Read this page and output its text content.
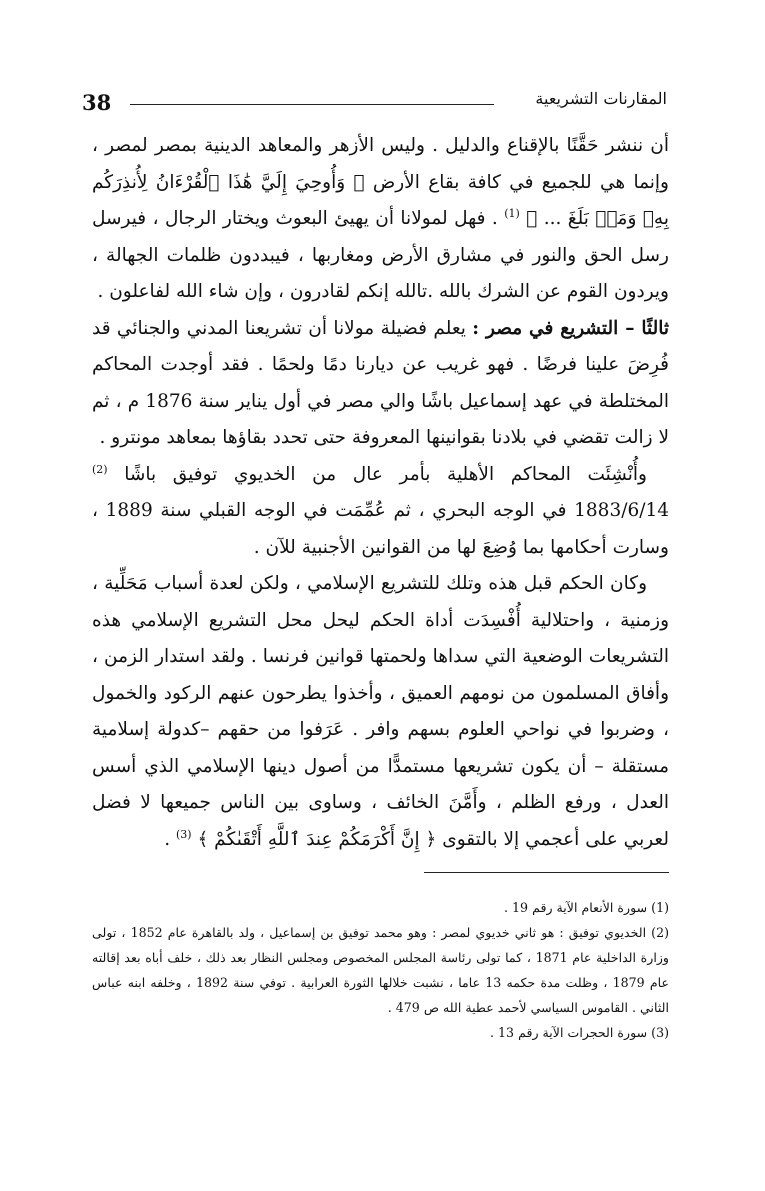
38	المقارنات التشريعية

أن ننشر حَقَّنًا بالإقناع والدليل . وليس الأزهر والمعاهد الدينية بمصر لمصر ، وإنما هي للجميع في كافة بقاع الأرض ﴿ وَأُوحِيَ إِلَيَّ هَٰذَا ٱلْقُرْءَانُ لِأُنذِرَكُم بِهِۦ وَمَنۢ بَلَغَ ... ﴾ $^{(1)}$ . فهل لمولانا أن يهيئ البعوث ويختار الرجال ، فيرسل رسل الحق والنور في مشارق الأرض ومغاربها ، فيبددون ظلمات الجهالة ، ويردون القوم عن الشرك بالله .تالله إنكم لقادرون ، وإن شاء الله لفاعلون .

ثالثًا – التشريع في مصر : يعلم فضيلة مولانا أن تشريعنا المدني والجنائي قد فُرِضَ علينا فرضًا . فهو غريب عن ديارنا دمًا ولحمًا . فقد أوجدت المحاكم المختلطة في عهد إسماعيل باشًا والي مصر في أول يناير سنة 1876 م ، ثم لا زالت تقضي في بلادنا بقوانينها المعروفة حتى تحدد بقاؤها بمعاهد مونترو .

وأُنْشِئَت المحاكم الأهلية بأمر عال من الخديوي توفيق باشًا $^{(2)}$ 1883/6/14 في الوجه البحري ، ثم عُمِّمَت في الوجه القبلي سنة 1889 ، وسارت أحكامها بما وُضِعَ لها من القوانين الأجنبية للآن .

وكان الحكم قبل هذه وتلك للتشريع الإسلامي ، ولكن لعدة أسباب مَحَلِّية ، وزمنية ، واحتلالية أُفْسِدَت أداة الحكم ليحل محل التشريع الإسلامي هذه التشريعات الوضعية التي سداها ولحمتها قوانين فرنسا . ولقد استدار الزمن ، وأفاق المسلمون من نومهم العميق ، وأخذوا يطرحون عنهم الركود والخمول ، وضربوا في نواحي العلوم بسهم وافر . عَرَفوا من حقهم –كدولة إسلامية مستقلة – أن يكون تشريعها مستمدًّا من أصول دينها الإسلامي الذي أسس العدل ، ورفع الظلم ، وأَمَّنَ الخائف ، وساوى بين الناس جميعها لا فضل لعربي على أعجمي إلا بالتقوى ﴿ إِنَّ أَكْرَمَكُمْ عِندَ ٱللَّهِ أَتْقَىٰكُمْ ﴾ $^{(3)}$ .

(1) سورة الأنعام الآية رقم 19 .

(2) الخديوي توفيق : هو ثاني خديوي لمصر : وهو محمد توفيق بن إسماعيل ، ولد بالقاهرة عام 1852 ، تولى وزارة الداخلية عام 1871 ، كما تولى رئاسة المجلس المخصوص ومجلس النظار بعد ذلك ، خلف أباه بعد إقالته عام 1879 ، وظلت مدة حكمه 13 عاما ، نشبت خلالها الثورة العرابية . توفي سنة 1892 ، وخلفه ابنه عباس الثاني . القاموس السياسي لأحمد عطية الله ص 479 .

(3) سورة الحجرات الآية رقم 13 .
